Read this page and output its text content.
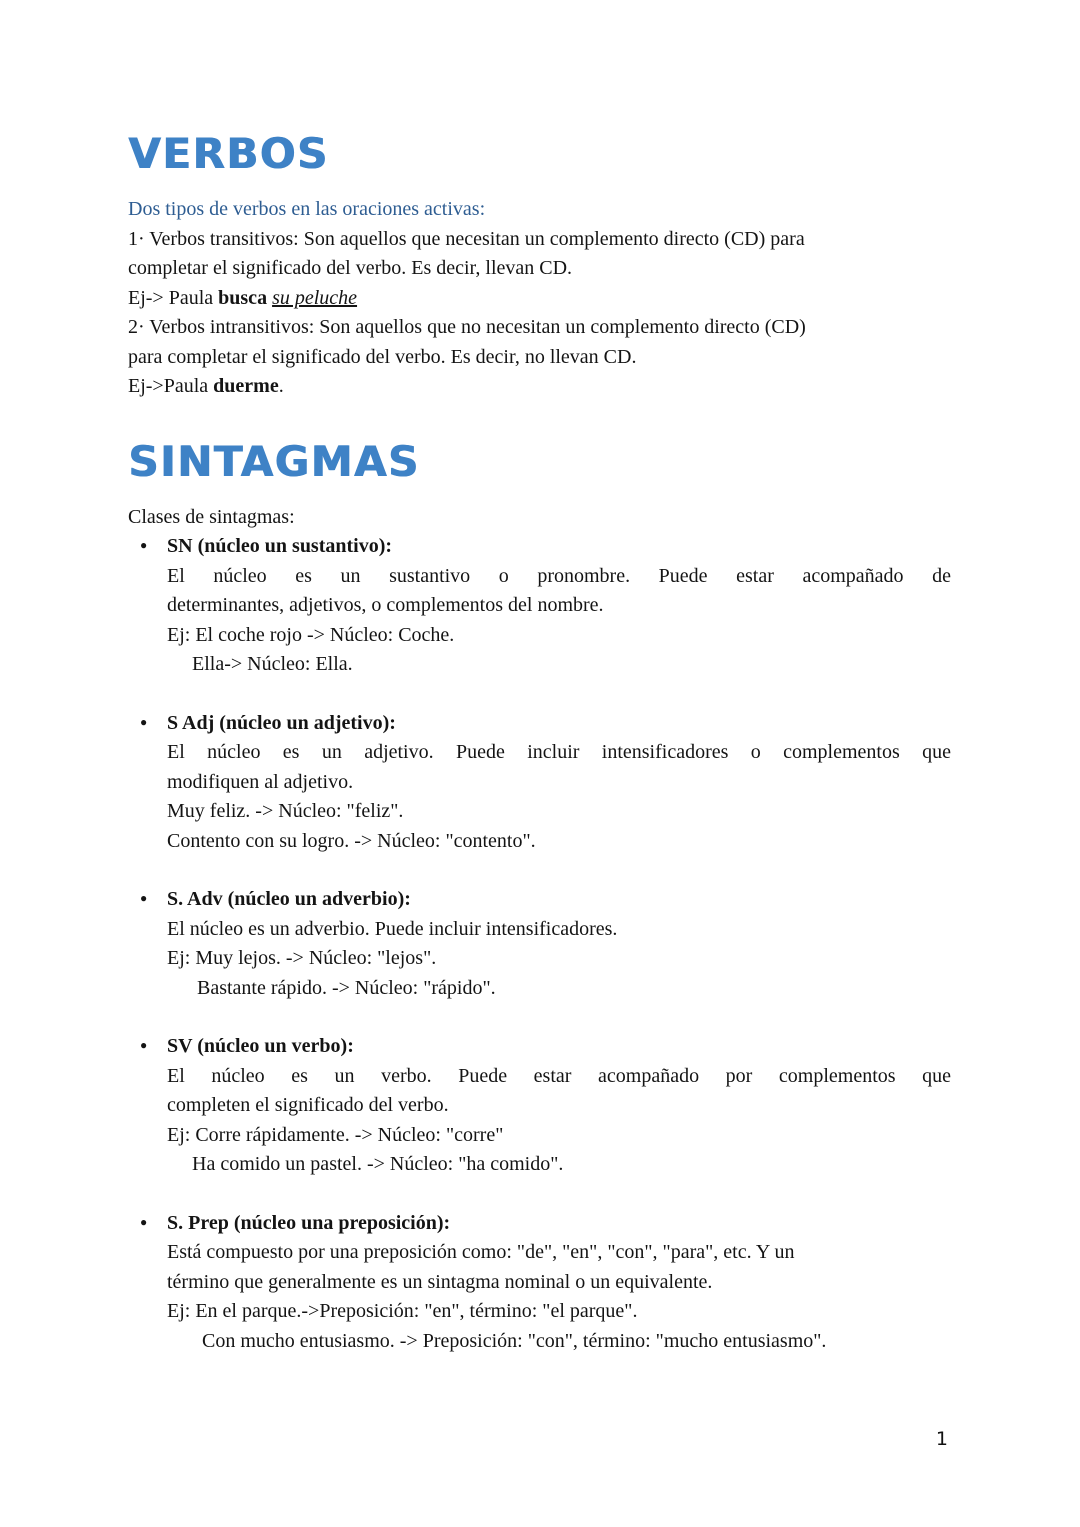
VERBOS
Dos tipos de verbos en las oraciones activas:
1· Verbos transitivos: Son aquellos que necesitan un complemento directo (CD) para
completar el significado del verbo. Es decir, llevan CD.
Ej-> Paula busca su peluche
2· Verbos intransitivos: Son aquellos que no necesitan un complemento directo (CD)
para completar el significado del verbo. Es decir, no llevan CD.
Ej->Paula duerme.
SINTAGMAS
Clases de sintagmas:
● SN (núcleo un sustantivo):
El núcleo es un sustantivo o pronombre. Puede estar acompañado de
determinantes, adjetivos, o complementos del nombre.
Ej: El coche rojo -> Núcleo: Coche.
Ella-> Núcleo: Ella.
● S Adj (núcleo un adjetivo):
El núcleo es un adjetivo. Puede incluir intensificadores o complementos que
modifiquen al adjetivo.
Muy feliz. -> Núcleo: "feliz".
Contento con su logro. -> Núcleo: "contento".
● S. Adv (núcleo un adverbio):
El núcleo es un adverbio. Puede incluir intensificadores.
Ej: Muy lejos. -> Núcleo: "lejos".
Bastante rápido. -> Núcleo: "rápido".
● SV (núcleo un verbo):
El núcleo es un verbo. Puede estar acompañado por complementos que
completen el significado del verbo.
Ej: Corre rápidamente. -> Núcleo: "corre"
Ha comido un pastel. -> Núcleo: "ha comido".
● S. Prep (núcleo una preposición):
Está compuesto por una preposición como: "de", "en", "con", "para", etc. Y un
término que generalmente es un sintagma nominal o un equivalente.
Ej: En el parque.->Preposición: "en", término: "el parque".
Con mucho entusiasmo. -> Preposición: "con", término: "mucho entusiasmo".
1
